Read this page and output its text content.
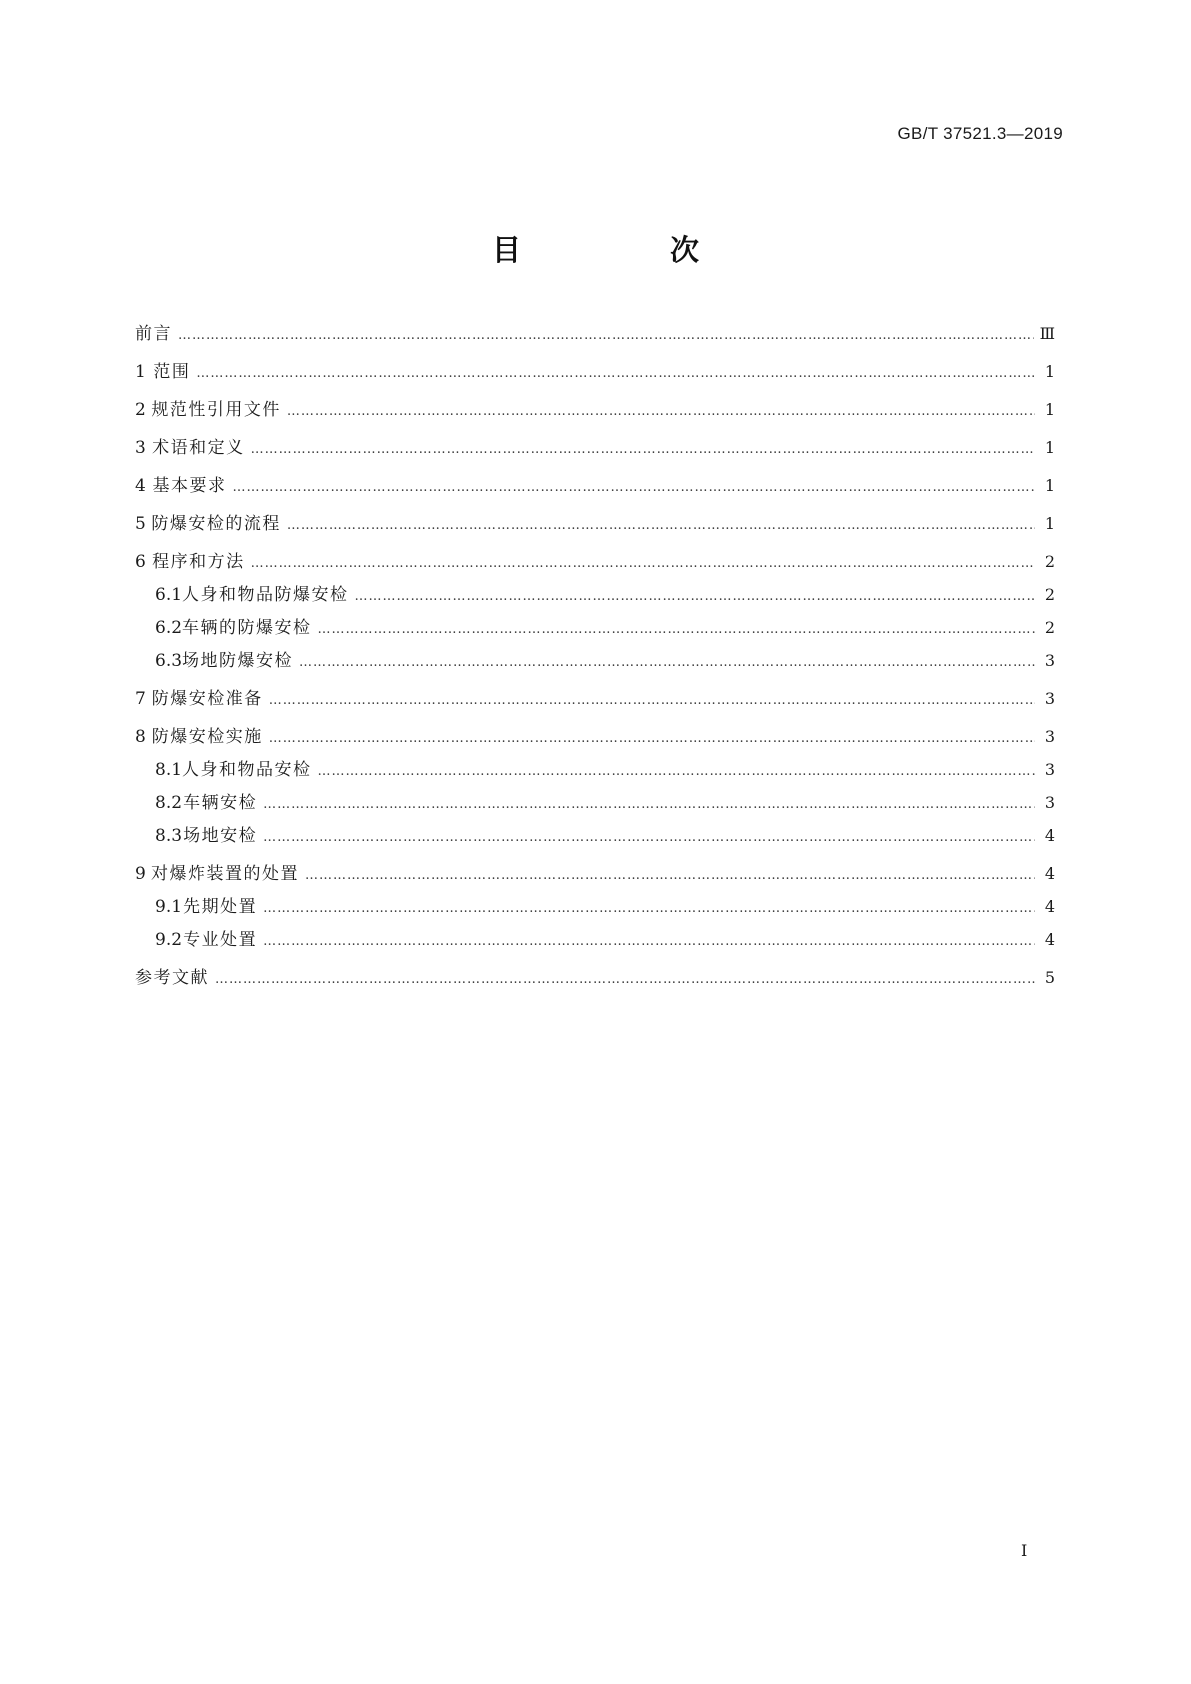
GB/T 37521.3—2019
目　次
前言 ……………………………………………………………………………………………………………………………………………………………………………………………………………………………………………………………………	Ⅲ
1 范围 ……………………………………………………………………………………………………………………………………………………………………………………………………………………………………………………………………	1
2 规范性引用文件 ……………………………………………………………………………………………………………………………………………………………………………………………………………………………………………………………………	1
3 术语和定义 ……………………………………………………………………………………………………………………………………………………………………………………………………………………………………………………………………	1
4 基本要求 ……………………………………………………………………………………………………………………………………………………………………………………………………………………………………………………………………	1
5 防爆安检的流程 ……………………………………………………………………………………………………………………………………………………………………………………………………………………………………………………………………	1
6 程序和方法 ……………………………………………………………………………………………………………………………………………………………………………………………………………………………………………………………………	2
6.1 人身和物品防爆安检 ……………………………………………………………………………………………………………………………………………………………………………………………………………………………………………………………………	2
6.2 车辆的防爆安检 ……………………………………………………………………………………………………………………………………………………………………………………………………………………………………………………………………	2
6.3 场地防爆安检 ……………………………………………………………………………………………………………………………………………………………………………………………………………………………………………………………………	3
7 防爆安检准备 ……………………………………………………………………………………………………………………………………………………………………………………………………………………………………………………………………	3
8 防爆安检实施 ……………………………………………………………………………………………………………………………………………………………………………………………………………………………………………………………………	3
8.1 人身和物品安检 ……………………………………………………………………………………………………………………………………………………………………………………………………………………………………………………………………	3
8.2 车辆安检 ……………………………………………………………………………………………………………………………………………………………………………………………………………………………………………………………………	3
8.3 场地安检 ……………………………………………………………………………………………………………………………………………………………………………………………………………………………………………………………………	4
9 对爆炸装置的处置 ……………………………………………………………………………………………………………………………………………………………………………………………………………………………………………………………………	4
9.1 先期处置 ……………………………………………………………………………………………………………………………………………………………………………………………………………………………………………………………………	4
9.2 专业处置 ……………………………………………………………………………………………………………………………………………………………………………………………………………………………………………………………………	4
参考文献 ……………………………………………………………………………………………………………………………………………………………………………………………………………………………………………………………………	5
Ⅰ
